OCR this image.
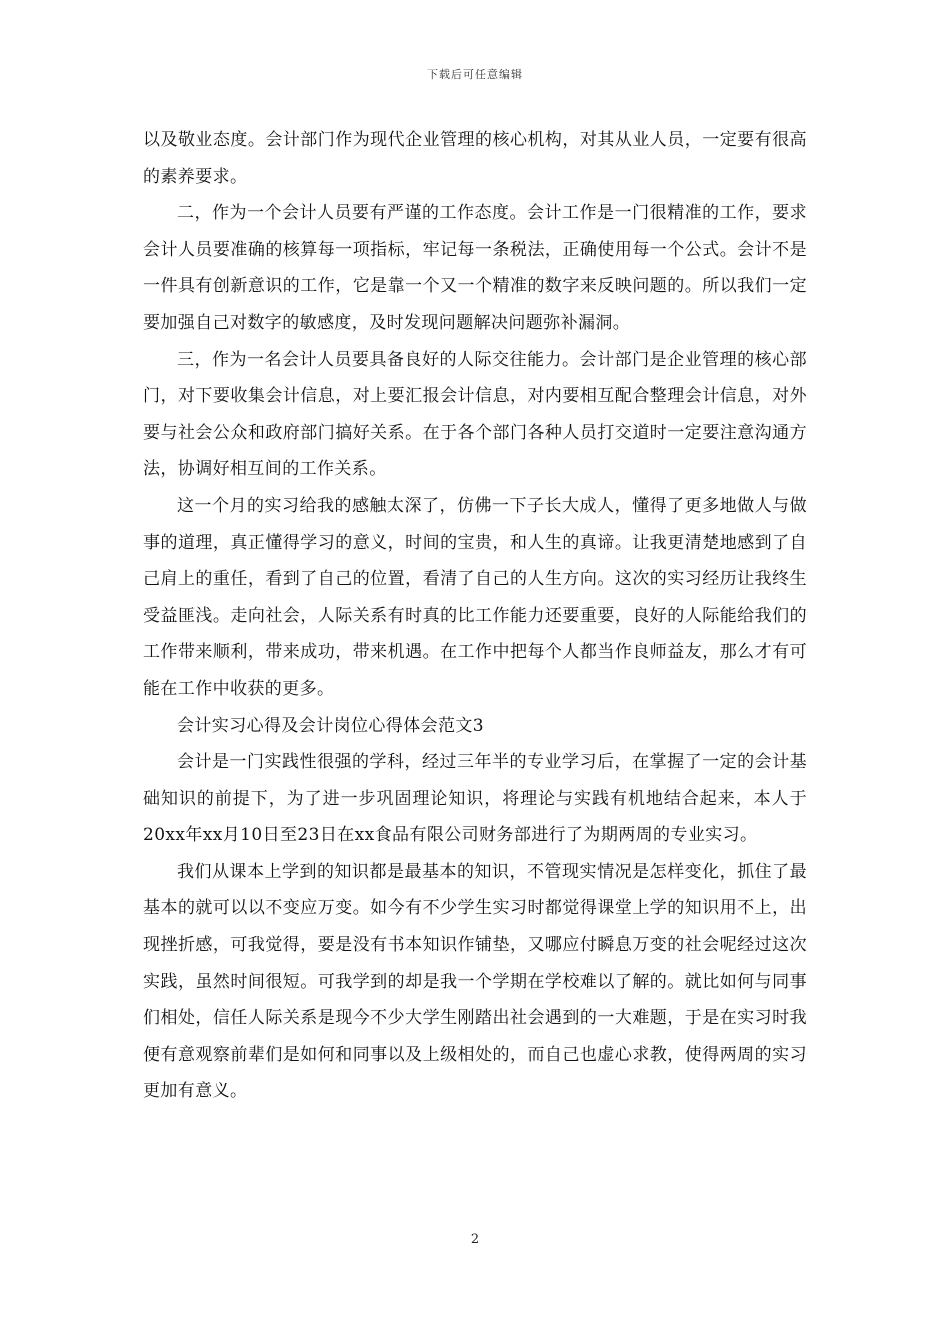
下载后可任意编辑

以及敬业态度。会计部门作为现代企业管理的核心机构，对其从业人员，一定要有很高的素养要求。

二，作为一个会计人员要有严谨的工作态度。会计工作是一门很精准的工作，要求会计人员要准确的核算每一项指标，牢记每一条税法，正确使用每一个公式。会计不是一件具有创新意识的工作，它是靠一个又一个精准的数字来反映问题的。所以我们一定要加强自己对数字的敏感度，及时发现问题解决问题弥补漏洞。

三，作为一名会计人员要具备良好的人际交往能力。会计部门是企业管理的核心部门，对下要收集会计信息，对上要汇报会计信息，对内要相互配合整理会计信息，对外要与社会公众和政府部门搞好关系。在于各个部门各种人员打交道时一定要注意沟通方法，协调好相互间的工作关系。

这一个月的实习给我的感触太深了，仿佛一下子长大成人，懂得了更多地做人与做事的道理，真正懂得学习的意义，时间的宝贵，和人生的真谛。让我更清楚地感到了自己肩上的重任，看到了自己的位置，看清了自己的人生方向。这次的实习经历让我终生受益匪浅。走向社会，人际关系有时真的比工作能力还要重要，良好的人际能给我们的工作带来顺利，带来成功，带来机遇。在工作中把每个人都当作良师益友，那么才有可能在工作中收获的更多。

会计实习心得及会计岗位心得体会范文3

会计是一门实践性很强的学科，经过三年半的专业学习后，在掌握了一定的会计基础知识的前提下，为了进一步巩固理论知识，将理论与实践有机地结合起来，本人于20xx年xx月10日至23日在xx食品有限公司财务部进行了为期两周的专业实习。

我们从课本上学到的知识都是最基本的知识，不管现实情况是怎样变化，抓住了最基本的就可以以不变应万变。如今有不少学生实习时都觉得课堂上学的知识用不上，出现挫折感，可我觉得，要是没有书本知识作铺垫，又哪应付瞬息万变的社会呢经过这次实践，虽然时间很短。可我学到的却是我一个学期在学校难以了解的。就比如何与同事们相处，信任人际关系是现今不少大学生刚踏出社会遇到的一大难题，于是在实习时我便有意观察前辈们是如何和同事以及上级相处的，而自己也虚心求教，使得两周的实习更加有意义。

2
